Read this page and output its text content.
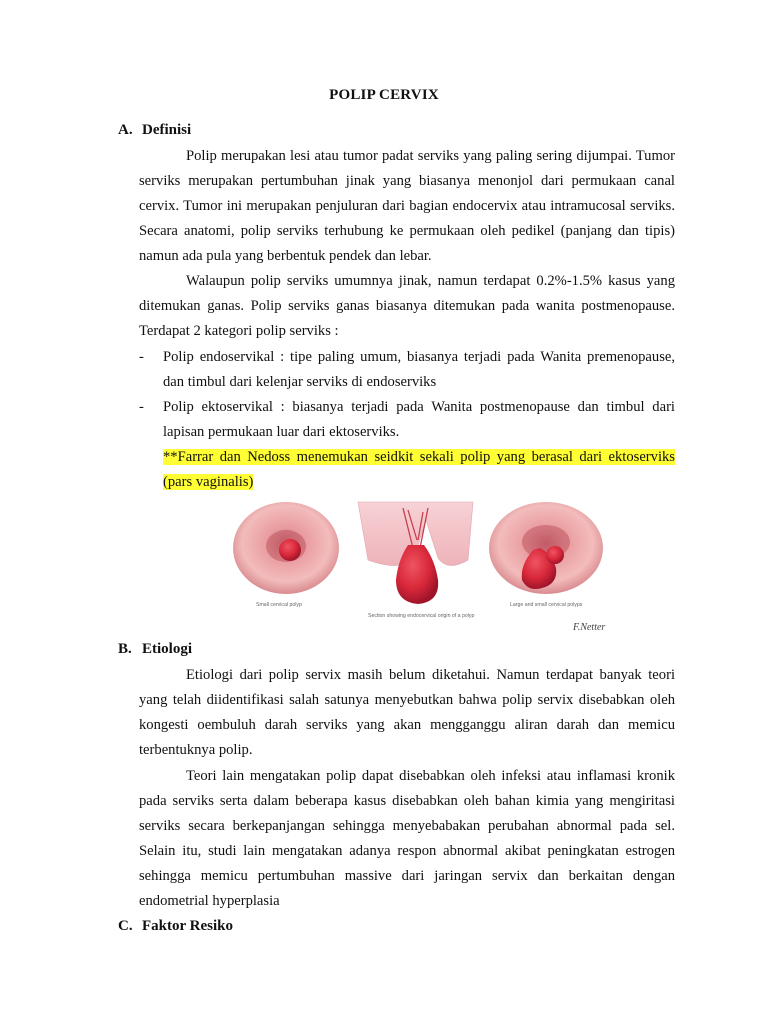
POLIP CERVIX
A. Definisi

Polip merupakan lesi atau tumor padat serviks yang paling sering dijumpai. Tumor serviks merupakan pertumbuhan jinak yang biasanya menonjol dari permukaan canal cervix. Tumor ini merupakan penjuluran dari bagian endocervix atau intramucosal serviks. Secara anatomi, polip serviks terhubung ke permukaan oleh pedikel (panjang dan tipis) namun ada pula yang berbentuk pendek dan lebar.

Walaupun polip serviks umumnya jinak, namun terdapat 0.2%-1.5% kasus yang ditemukan ganas. Polip serviks ganas biasanya ditemukan pada wanita postmenopause. Terdapat 2 kategori polip serviks :

-	Polip endoservikal : tipe paling umum, biasanya terjadi pada Wanita premenopause, dan timbul dari kelenjar serviks di endoserviks
-	Polip ektoservikal : biasanya terjadi pada Wanita postmenopause dan timbul dari lapisan permukaan luar dari ektoserviks.
**Farrar dan Nedoss menemukan seidkit sekali polip yang berasal dari ektoserviks (pars vaginalis)
Small cervical polyp
Section showing endocervical origin of a polyp
Large and small cervical polyps
F.Netter
B. Etiologi

Etiologi dari polip servix masih belum diketahui. Namun terdapat banyak teori yang telah diidentifikasi salah satunya menyebutkan bahwa polip servix disebabkan oleh kongesti oembuluh darah serviks yang akan mengganggu aliran darah dan memicu terbentuknya polip.

Teori lain mengatakan polip dapat disebabkan oleh infeksi atau inflamasi kronik pada serviks serta dalam beberapa kasus disebabkan oleh bahan kimia yang mengiritasi serviks secara berkepanjangan sehingga menyebabakan perubahan abnormal pada sel. Selain itu, studi lain mengatakan adanya respon abnormal akibat peningkatan estrogen sehingga memicu pertumbuhan massive dari jaringan servix dan berkaitan dengan endometrial hyperplasia

C. Faktor Resiko
